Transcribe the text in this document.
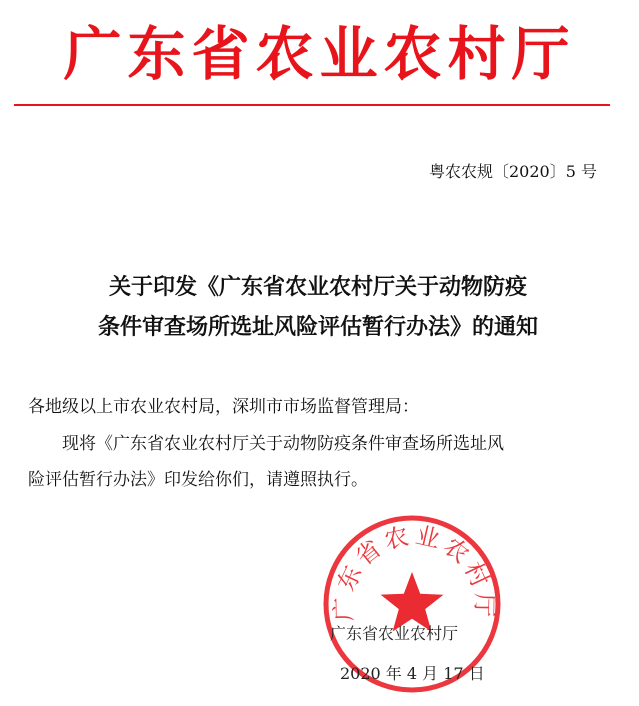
广东省农业农村厅
粤农农规〔2020〕5 号
关于印发《广东省农业农村厅关于动物防疫
条件审查场所选址风险评估暂行办法》的通知
各地级以上市农业农村局，深圳市市场监督管理局：
现将《广东省农业农村厅关于动物防疫条件审查场所选址风
险评估暂行办法》印发给你们，请遵照执行。
广东省农业农村厅
广东省农业农村厅
2020 年 4 月 17 日
